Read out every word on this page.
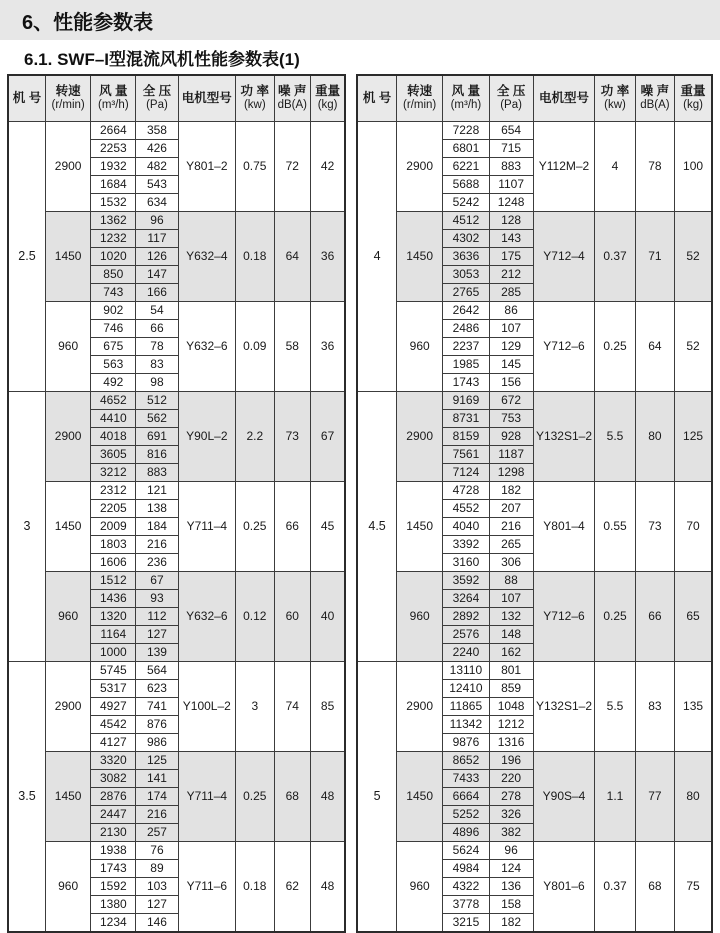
6、性能参数表
6.1. SWF–I型混流风机性能参数表(1)
机 号	转速
(r/min)

风 量
(m³/h)

全 压
(Pa)	电机型号	功 率
(kw)

噪 声
dB(A)

重量
(kg)

2.5	2900	2664	358	Y801–2	0.75	72	42
		2253	426				
		1932	482				
		1684	543				
		1532	634				
	1450	1362	96	Y632–4	0.18	64	36
		1232	117				
		1020	126				
		850	147				
		743	166				
	960	902	54	Y632–6	0.09	58	36
		746	66				
		675	78				
		563	83				
		492	98				
3	2900	4652	512	Y90L–2	2.2	73	67
		4410	562				
		4018	691				
		3605	816				
		3212	883				
	1450	2312	121	Y711–4	0.25	66	45
		2205	138				
		2009	184				
		1803	216				
		1606	236				
	960	1512	67	Y632–6	0.12	60	40
		1436	93				
		1320	112				
		1164	127				
		1000	139				
3.5	2900	5745	564	Y100L–2	3	74	85
		5317	623				
		4927	741				
		4542	876				
		4127	986				
	1450	3320	125	Y711–4	0.25	68	48
		3082	141				
		2876	174				
		2447	216				
		2130	257				
	960	1938	76	Y711–6	0.18	62	48
		1743	89				
		1592	103				
		1380	127				
		1234	146				
机 号	转速
(r/min)

风 量
(m³/h)

全 压
(Pa)	电机型号	功 率
(kw)

噪 声
dB(A)

重量
(kg)

4	2900	7228	654	Y112M–2	4	78	100
		6801	715				
		6221	883				
		5688	1107				
		5242	1248				
	1450	4512	128	Y712–4	0.37	71	52
		4302	143				
		3636	175				
		3053	212				
		2765	285				
	960	2642	86	Y712–6	0.25	64	52
		2486	107				
		2237	129				
		1985	145				
		1743	156				
4.5	2900	9169	672	Y132S1–2	5.5	80	125
		8731	753				
		8159	928				
		7561	1187				
		7124	1298				
	1450	4728	182	Y801–4	0.55	73	70
		4552	207				
		4040	216				
		3392	265				
		3160	306				
	960	3592	88	Y712–6	0.25	66	65
		3264	107				
		2892	132				
		2576	148				
		2240	162				
5	2900	13110	801	Y132S1–2	5.5	83	135
		12410	859				
		11865	1048				
		11342	1212				
		9876	1316				
	1450	8652	196	Y90S–4	1.1	77	80
		7433	220				
		6664	278				
		5252	326				
		4896	382				
	960	5624	96	Y801–6	0.37	68	75
		4984	124				
		4322	136				
		3778	158				
		3215	182				
